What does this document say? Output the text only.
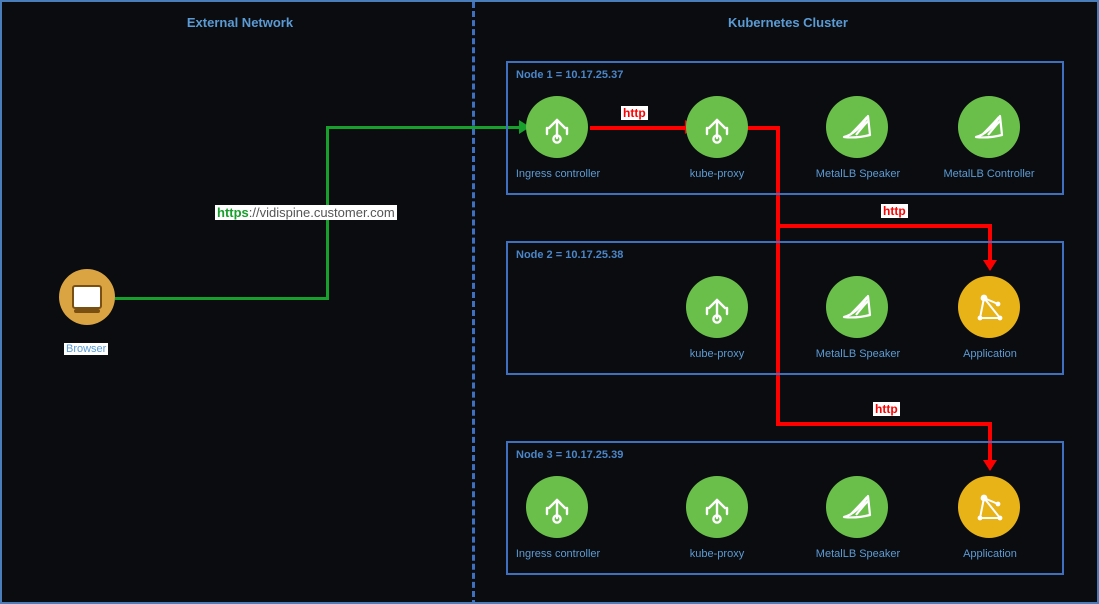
External Network	Kubernetes Cluster
https://vidispine.customer.com
http
http
http
Browser
Node 1 = 10.17.25.37
Ingress controller	kube-proxy	MetalLB Speaker	MetalLB Controller
Node 2 = 10.17.25.38
kube-proxy	MetalLB Speaker	Application
Node 3 = 10.17.25.39
Ingress controller	kube-proxy	MetalLB Speaker	Application
